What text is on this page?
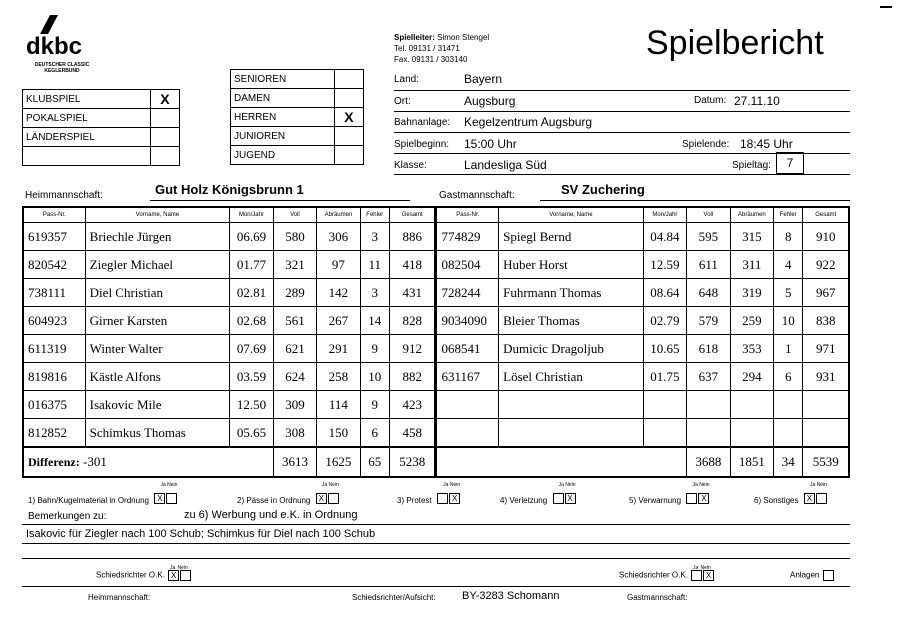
dkbc
DEUTSCHER CLASSIC
KEGLERBUND
Spielleiter: Simon Stengel
Tel. 09131 / 31471
Fax. 09131 / 303140	Spielbericht
KLUBSPIEL	X
POKALSPIEL	
LÄNDERSPIEL	

SENIOREN	
DAMEN	
HERREN	X
JUNIOREN	
JUGEND	
Land:	Bayern
Ort:	Augsburg	Datum: 27.11.10
Bahnanlage: Kegelzentrum Augsburg
Spielbeginn: 15:00 Uhr	Spielende: 18:45 Uhr
Klasse:	Landesliga Süd	Spieltag:	7
Heimmannschaft:	Gut Holz Königsbrunn 1	Gastmannschaft:	SV Zuchering
Pass-Nr.	Vorname, Name	Mon/Jahr	Voll	Abräumen	Fehler	Gesamt	Pass-Nr.	Vorname, Name	Mon/Jahr	Voll	Abräumen	Fehler	Gesamt
619357	Briechle Jürgen	06.69	580	306	3	886	774829	Spiegl Bernd	04.84	595	315	8	910
820542	Ziegler Michael	01.77	321	97	11	418	082504	Huber Horst	12.59	611	311	4	922
738111	Diel Christian	02.81	289	142	3	431	728244	Fuhrmann Thomas	08.64	648	319	5	967
604923	Girner Karsten	02.68	561	267	14	828	9034090	Bleier Thomas	02.79	579	259	10	838
611319	Winter Walter	07.69	621	291	9	912	068541	Dumicic Dragoljub	10.65	618	353	1	971
819816	Kästle Alfons	03.59	624	258	10	882	631167	Lösel Christian	01.75	637	294	6	931
016375	Isakovic Mile	12.50	309	114	9	423							
812852	Schimkus Thomas	05.65	308	150	6	458							
Differenz: -301			3613	1625	65	5238				3688	1851	34	5539
Ja Nein
1) Bahn/Kugelmaterial in Ordnung X
Ja Nein
2) Pässe in Ordnung X
Ja Nein
3) Protest	X
Ja Nein
4) Verletzung	X
Ja Nein
5) Verwarnung	X
Ja Nein
6) Sonstiges X
Bemerkungen zu:	zu 6) Werbung und e.K. in Ordnung
Isakovic für Ziegler nach 100 Schub; Schimkus für Diel nach 100 Schub
Ja Nein
Schiedsrichter O.K. X
Ja Nein
Schiedsrichter O.K. X	Anlagen
Heimmannschaft:	Schiedsrichter/Aufsicht: BY-3283 Schomann	Gastmannschaft:
